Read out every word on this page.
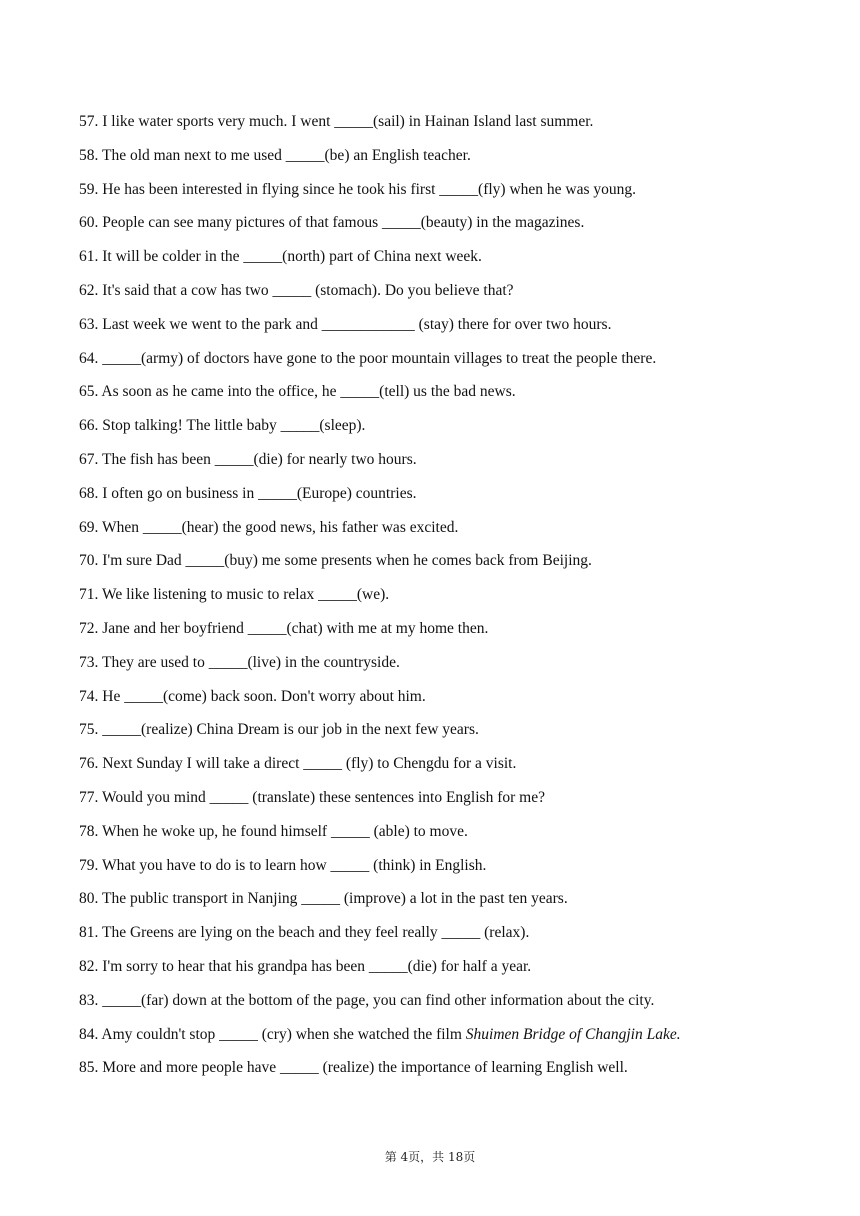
57. I like water sports very much. I went _____(sail) in Hainan Island last summer.
58. The old man next to me used _____(be) an English teacher.
59. He has been interested in flying since he took his first _____(fly) when he was young.
60. People can see many pictures of that famous _____(beauty) in the magazines.
61. It will be colder in the _____(north) part of China next week.
62. It's said that a cow has two _____ (stomach). Do you believe that?
63. Last week we went to the park and ____________ (stay) there for over two hours.
64. _____(army) of doctors have gone to the poor mountain villages to treat the people there.
65. As soon as he came into the office, he _____(tell) us the bad news.
66. Stop talking! The little baby _____(sleep).
67. The fish has been _____(die) for nearly two hours.
68. I often go on business in _____(Europe) countries.
69. When _____(hear) the good news, his father was excited.
70. I'm sure Dad _____(buy) me some presents when he comes back from Beijing.
71. We like listening to music to relax _____(we).
72. Jane and her boyfriend _____(chat) with me at my home then.
73. They are used to _____(live) in the countryside.
74. He _____(come) back soon. Don't worry about him.
75. _____(realize) China Dream is our job in the next few years.
76. Next Sunday I will take a direct _____ (fly) to Chengdu for a visit.
77. Would you mind _____ (translate) these sentences into English for me?
78. When he woke up, he found himself _____ (able) to move.
79. What you have to do is to learn how _____ (think) in English.
80. The public transport in Nanjing _____ (improve) a lot in the past ten years.
81. The Greens are lying on the beach and they feel really _____ (relax).
82. I'm sorry to hear that his grandpa has been _____(die) for half a year.
83. _____(far) down at the bottom of the page, you can find other information about the city.
84. Amy couldn't stop _____ (cry) when she watched the film Shuimen Bridge of Changjin Lake.
85. More and more people have _____ (realize) the importance of learning English well.
第 4页，共 18页
